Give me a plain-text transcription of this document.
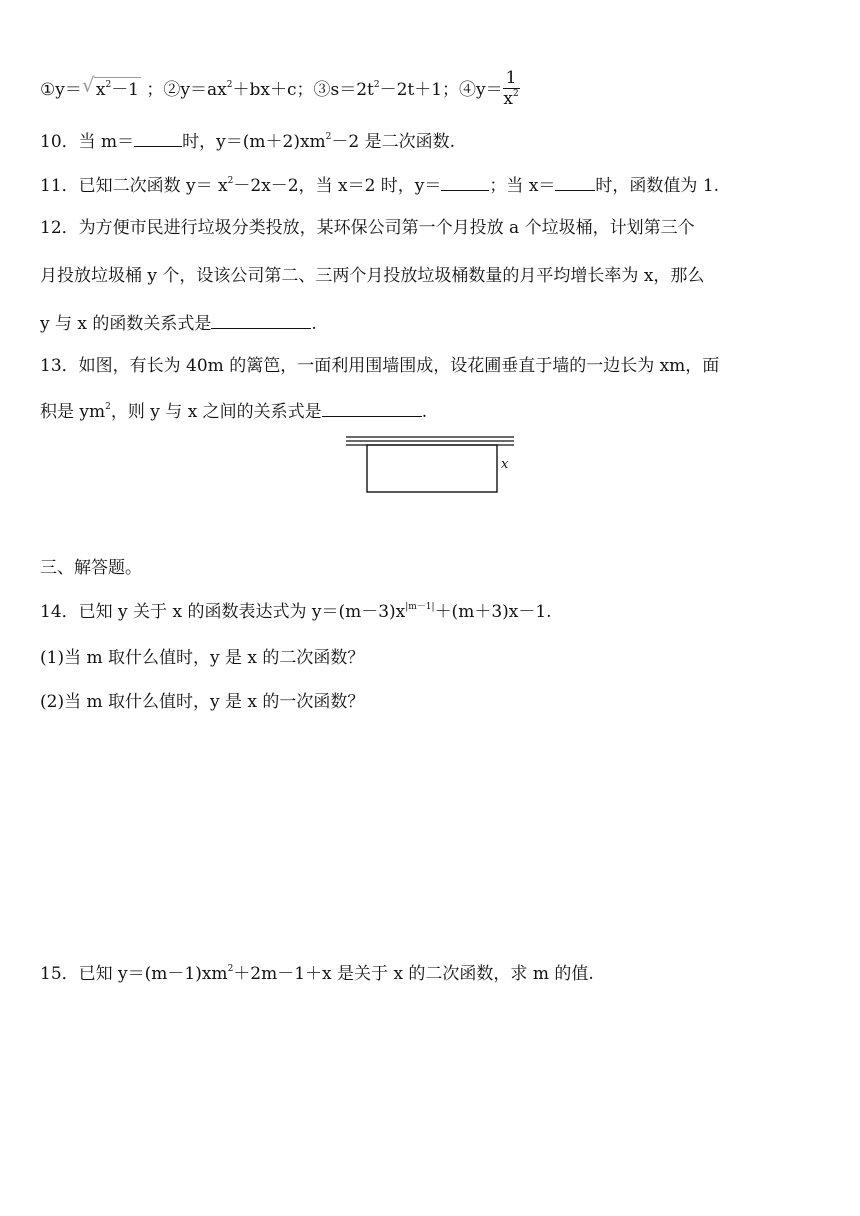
①y＝ √ $x^2-1$ ；$②y=ax^2+bx+c$；$③s=2t^2-2t+1$；④y＝ $\frac{1}{x^2}$
10．当 m＝	时，$y=(m+2)xm^2-2$ 是二次函数.
11．已知二次函数 $y= x^2-2x-2$，当 x＝2 时，y＝	；当 x＝ 时，函数值为 1.
12．为方便市民进行垃圾分类投放，某环保公司第一个月投放 a 个垃圾桶，计划第三个
月投放垃圾桶 y 个，设该公司第二、三两个月投放垃圾桶数量的月平均增长率为 x，那么
y 与 x 的函数关系式是	.
13．如图，有长为 40m 的篱笆，一面利用围墙围成，设花圃垂直于墙的一边长为 xm，面
积是 $ym^2$，则 y 与 x 之间的关系式是	.
x
三、解答题。
14．已知 y 关于 x 的函数表达式为 $y=(m-3)x^{|m-1|}+(m+3)x-1$.
(1)当 m 取什么值时，y 是 x 的二次函数？
(2)当 m 取什么值时，y 是 x 的一次函数？
15．已知 $y=(m-1)xm^2+2m-1+x$ 是关于 x 的二次函数，求 m 的值.
